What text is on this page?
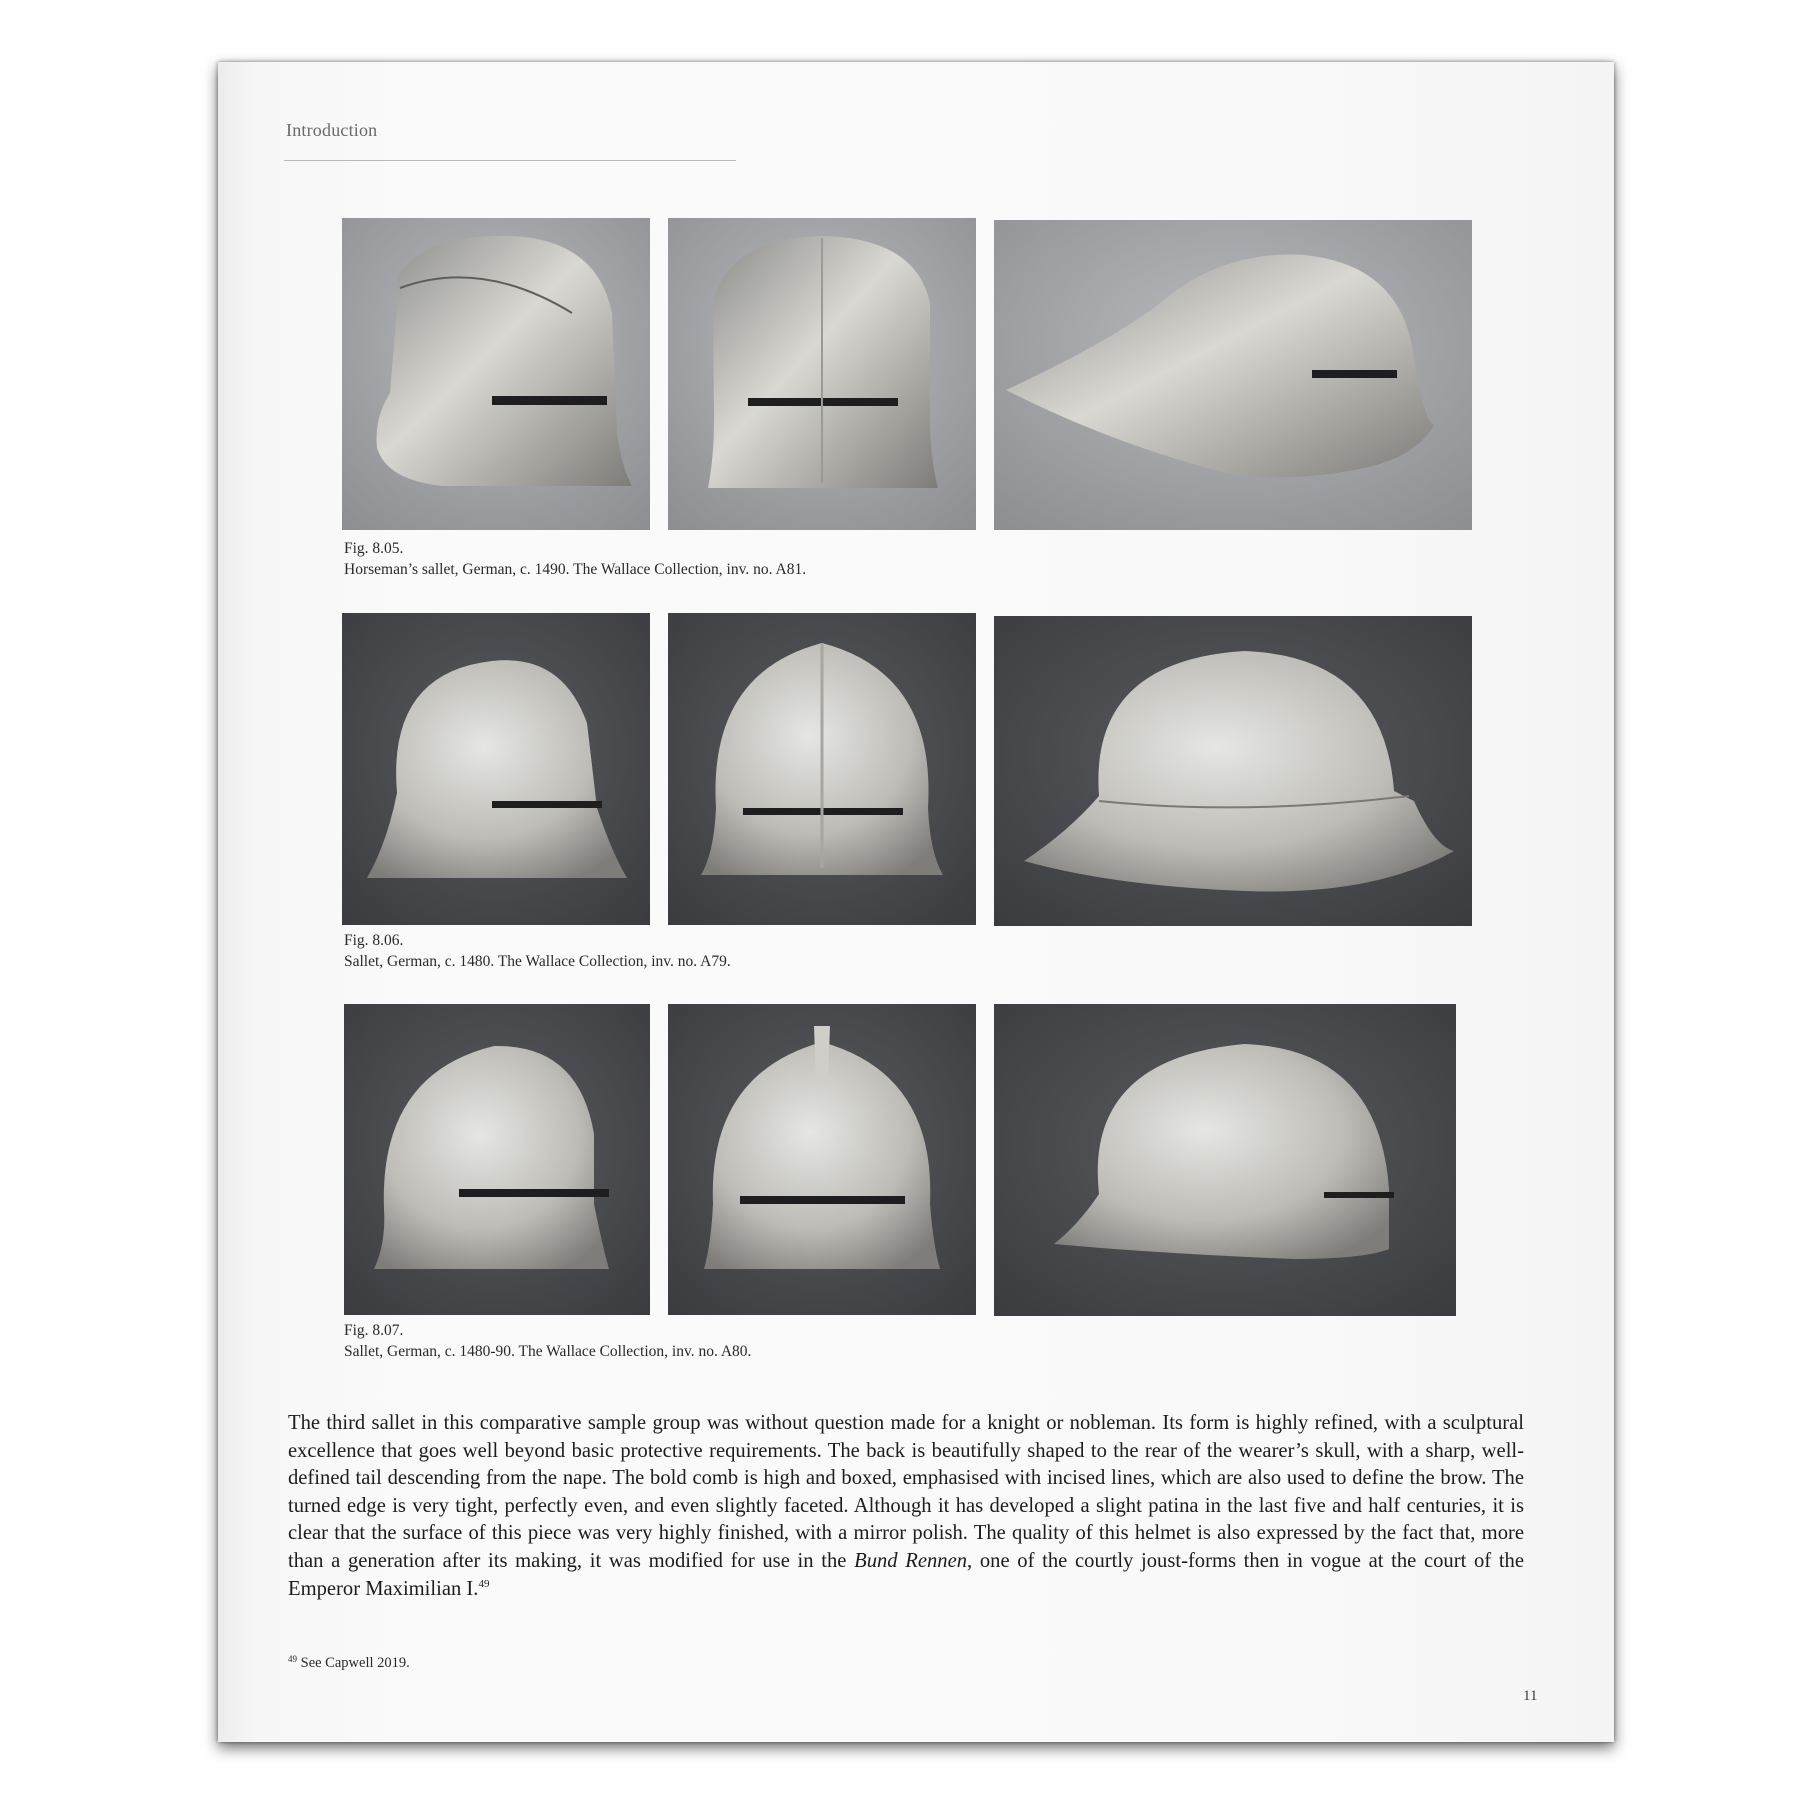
Introduction
Fig. 8.05.
Horseman’s sallet, German, c. 1490. The Wallace Collection, inv. no. A81.
Fig. 8.06.
Sallet, German, c. 1480. The Wallace Collection, inv. no. A79.
Fig. 8.07.
Sallet, German, c. 1480-90. The Wallace Collection, inv. no. A80.
The third sallet in this comparative sample group was without question made for a knight or nobleman. Its form is highly refined, with a sculptural excellence that goes well beyond basic protective requirements. The back is beautifully shaped to the rear of the wearer’s skull, with a sharp, well-defined tail descending from the nape. The bold comb is high and boxed, emphasised with incised lines, which are also used to define the brow. The turned edge is very tight, perfectly even, and even slightly faceted. Although it has developed a slight patina in the last five and half centuries, it is clear that the surface of this piece was very highly finished, with a mirror polish. The quality of this helmet is also expressed by the fact that, more than a generation after its making, it was modified for use in the Bund Rennen, one of the courtly joust-forms then in vogue at the court of the Emperor Maximilian I.$^{49}$
$^{49}$ See Capwell 2019.
11
